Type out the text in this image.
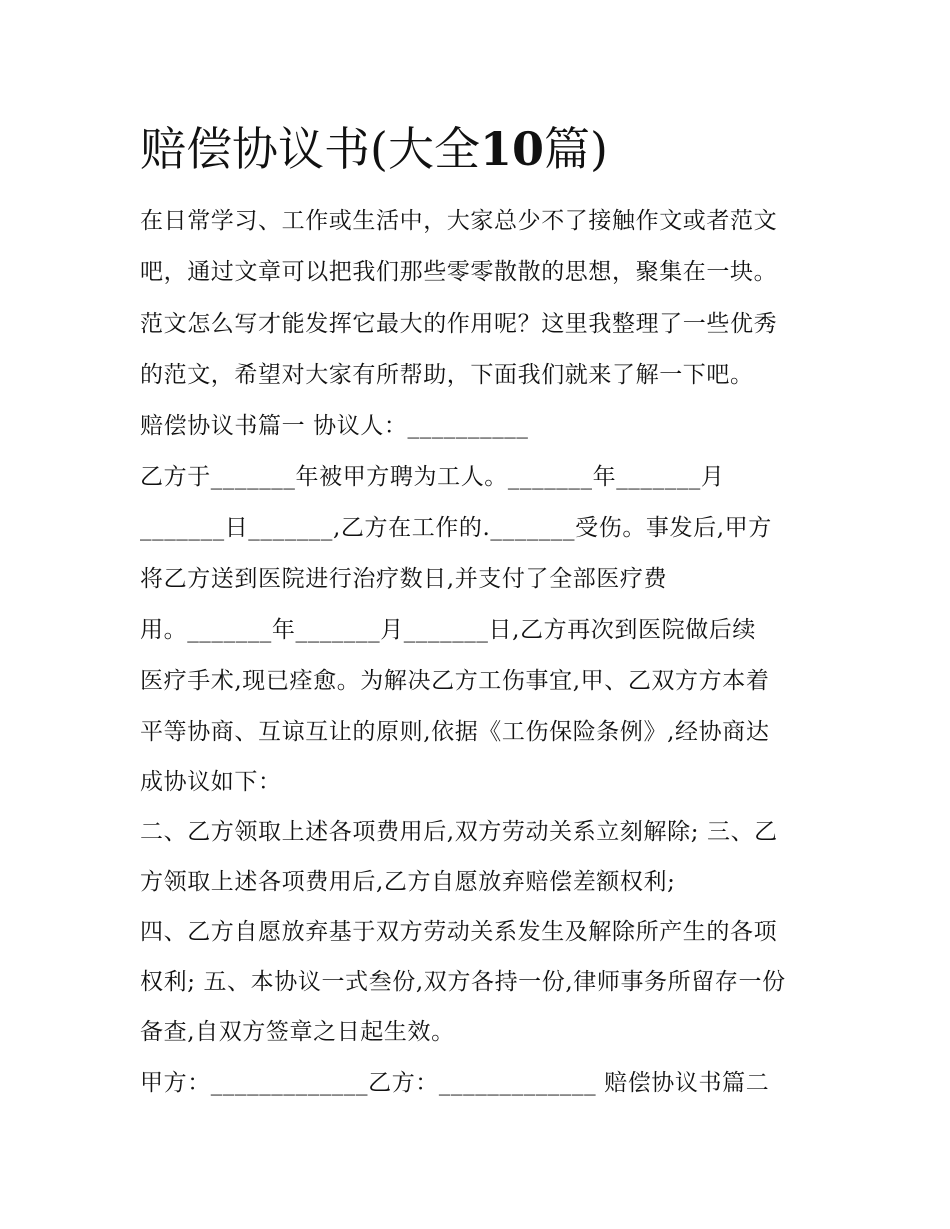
赔偿协议书(大全10篇)

在日常学习、工作或生活中，大家总少不了接触作文或者范文

吧，通过文章可以把我们那些零零散散的思想，聚集在一块。

范文怎么写才能发挥它最大的作用呢？这里我整理了一些优秀

的范文，希望对大家有所帮助，下面我们就来了解一下吧。

赔偿协议书篇一 协议人：__________

乙方于_______年被甲方聘为工人。_______年_______月

_______日_______,乙方在工作的._______受伤。事发后,甲方

将乙方送到医院进行治疗数日,并支付了全部医疗费

用。_______年_______月_______日,乙方再次到医院做后续

医疗手术,现已痊愈。为解决乙方工伤事宜,甲、乙双方方本着

平等协商、互谅互让的原则,依据《工伤保险条例》,经协商达

成协议如下：

二、乙方领取上述各项费用后,双方劳动关系立刻解除; 三、乙

方领取上述各项费用后,乙方自愿放弃赔偿差额权利;

四、乙方自愿放弃基于双方劳动关系发生及解除所产生的各项

权利; 五、本协议一式叁份,双方各持一份,律师事务所留存一份

备查,自双方签章之日起生效。

甲方：_____________乙方：_____________ 赔偿协议书篇二
